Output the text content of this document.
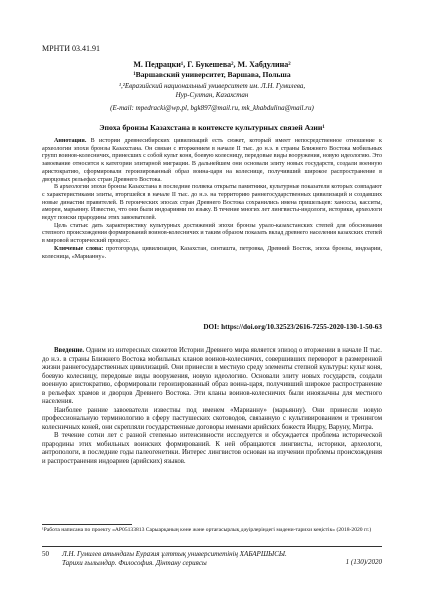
МРНТИ 03.41.91
М. Педрацки¹, Г. Букешева², М. Хабдулина²
¹Варшавский университет, Варшава, Польша
¹,²Евразийский национальный университет им. Л.Н. Гумилева,
Нур-Султан, Казахстан
(E-mail: mpedracki@wp.pl, bgk897@mail.ru, mk_khabdulina@mail.ru)
Эпоха бронзы Казахстана в контексте культурных связей Азии¹

Аннотация. В истории древнесибирских цивилизаций есть сюжет, который имеет непосредственное отношение к археологии эпохи бронзы Казахстана. Он связан с вторжением в начале II тыс. до н.э. в страны Ближнего Востока мобильных групп воинов-колесничих, принесших с собой культ коня, боевую колесницу, передовые виды вооружения, новую идеологию. Это завоевание относится к категории элитарной миграции. В дальнейшем они основали элиту новых государств, создали военную аристократию, сформировали героизированный образ воина-царя на колеснице, получивший широкое распространение в дворцовых рельефах стран Древнего Востока.

В археологии эпохи бронзы Казахстана в последние полвека открыты памятники, культурные показатели которых совпадают с характеристиками элиты, вторгшейся в начале II тыс. до н.э. на территорию раннегосударственных цивилизаций и создавших новые династии правителей. В героических эпосах стран Древнего Востока сохранились имена пришельцев: ханоссы, касситы, амореи, марьянну. Известно, что они были индоариями по языку. В течение многих лет лингвисты-индологи, историки, археологи ведут поиски прародины этих завоевателей.

Цель статьи: дать характеристику культурных достижений эпохи бронзы урало-казахстанских степей для обоснования степного происхождения формирований воинов-колесничих и таким образом показать вклад древнего населения казахских степей в мировой исторический процесс.

Ключевые слова: протогорода, цивилизации, Казахстан, синташта, петровка, Древний Восток, эпоха бронзы, индоарии, колесница, «Марианну».

DOI: https://doi.org/10.32523/2616-7255-2020-130-1-50-63

Введение. Одним из интересных сюжетов Истории Древнего мира является эпизод о вторжении в начале II тыс. до н.э. в страны Ближнего Востока мобильных кланов воинов-колесничих, совершивших переворот в размеренной жизни раннегосударственных цивилизаций. Они принесли в местную среду элементы степной культуры: культ коня, боевую колесницу, передовые виды вооружения, новую идеологию. Основали элиту новых государств, создали военную аристократию, сформировали героизированный образ воина-царя, получивший широкое распространение в рельефах храмов и дворцов Древнего Востока. Эти кланы воинов-колесничих были иноязычны для местного населения.

Наиболее ранние завоеватели известны под именем «Марианну» (марьянну). Они принесли новую профессиональную терминологию в сферу пастушеских скотоводов, связанную с культивированием и тренингом колесничных коней, они скрепляли государственные договоры именами арийских божеств Индру, Варуну, Митра.

В течение сотни лет с разной степенью интенсивности исследуется и обсуждается проблема исторической прародины этих мобильных воинских формирований. К ней обращаются лингвисты, историки, археологи, антропологи, в последние годы палеогенетики. Интерес лингвистов основан на изучении проблемы происхождения и распространения индоариев (арийских) языков.

¹Работа написана по проекту «AP05133813 Сарыарқаның көне және ортағасырлық дәуірлеріндегі мәдени-тарихи кеңістік» (2018-2020 гг.)
50 Л.Н. Гумилев атындағы Еуразия ұлттық университетінің ХАБАРШЫСЫ.
Тарихи ғылымдар. Философия. Дінтану сериясы	1 (130)/2020
